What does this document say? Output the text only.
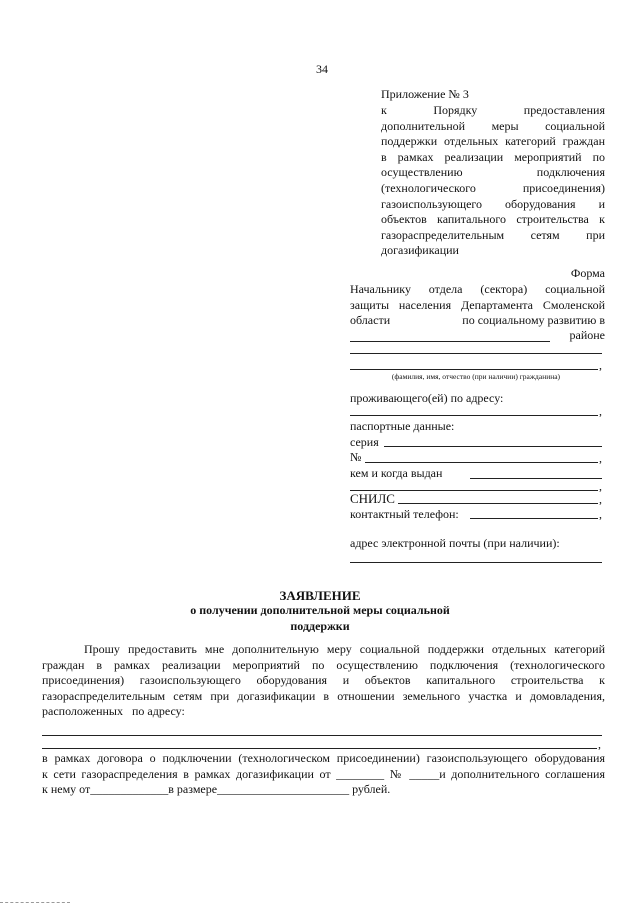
34
Приложение № 3
к Порядку предоставления
дополнительной меры социальной
поддержки отдельных категорий граждан
в рамках реализации мероприятий по
осуществлению подключения
(технологического присоединения)
газоиспользующего оборудования и
объектов капитального строительства к
газораспределительным сетям при
догазификации
Форма
Начальнику отдела (сектора) социальной
защиты населения Департамента Смоленской
области	по социальному развитию в
районе
,
(фамилия, имя, отчество (при наличии) гражданина)
проживающего(ей) по адресу:
,
паспортные данные:
серия
№	,
кем и когда выдан
,
СНИЛС	,
контактный телефон:	,
адрес электронной почты (при наличии):
ЗАЯВЛЕНИЕ
о получении дополнительной меры социальной
поддержки
Прошу предоставить мне дополнительную меру социальной поддержки отдельных категорий
граждан в рамках реализации мероприятий по осуществлению подключения (технологического
присоединения) газоиспользующего оборудования и объектов капитального строительства к
газораспределительным сетям при догазификации в отношении земельного участка и домовладения,
расположенных   по адресу:
,
в рамках договора о подключении (технологическом присоединении) газоиспользующего оборудования
к сети газораспределения в рамках догазификации от ________ № _____и дополнительного соглашения
к нему от_____________в размере______________________ рублей.
